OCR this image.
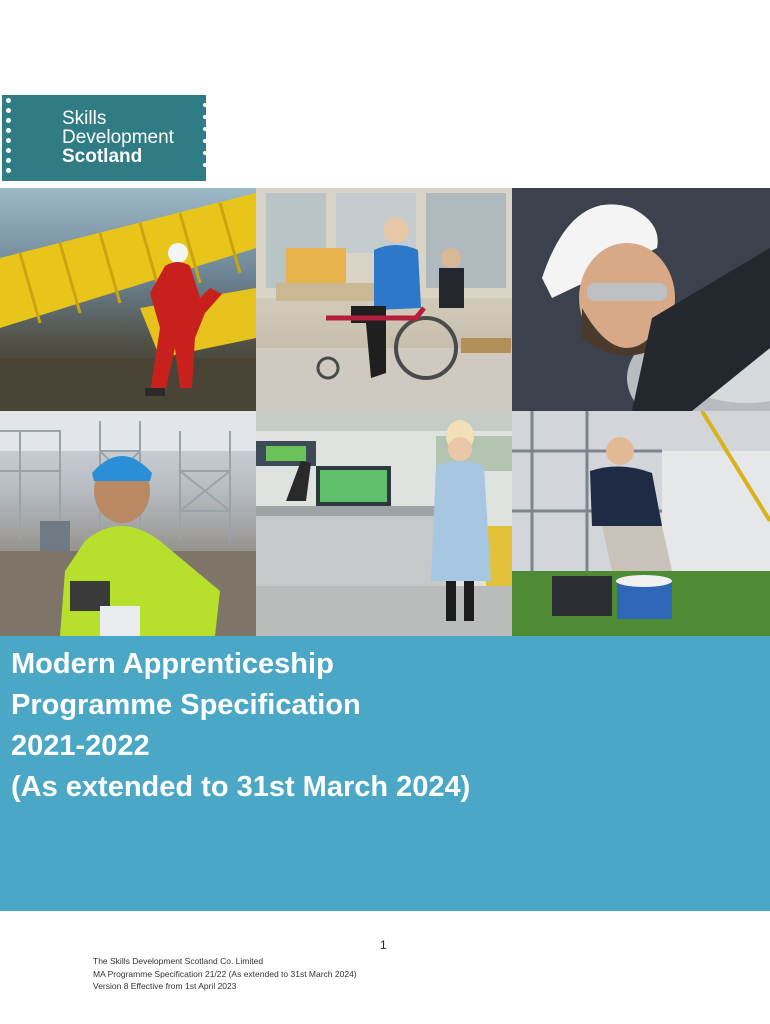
Skills
Development
Scotland
Modern Apprenticeship
Programme Specification
2021-2022
(As extended to 31st March 2024)
1
The Skills Development Scotland Co. Limited
MA Programme Specification 21/22 (As extended to 31st March 2024)
Version 8 Effective from 1st April 2023
